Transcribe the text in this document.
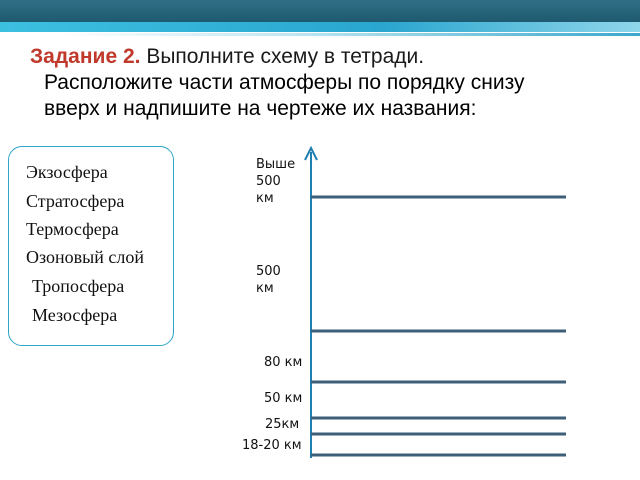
Задание 2. Выполните схему в тетради.
Расположите части атмосферы по порядку снизу
вверх и надпишите на чертеже их названия:
Экзосфера
Стратосфера
Термосфера
Озоновый слой
Тропосфера
Мезосфера
Выше
500
км
500
км
80 км
50 км
25км
18-20 км
